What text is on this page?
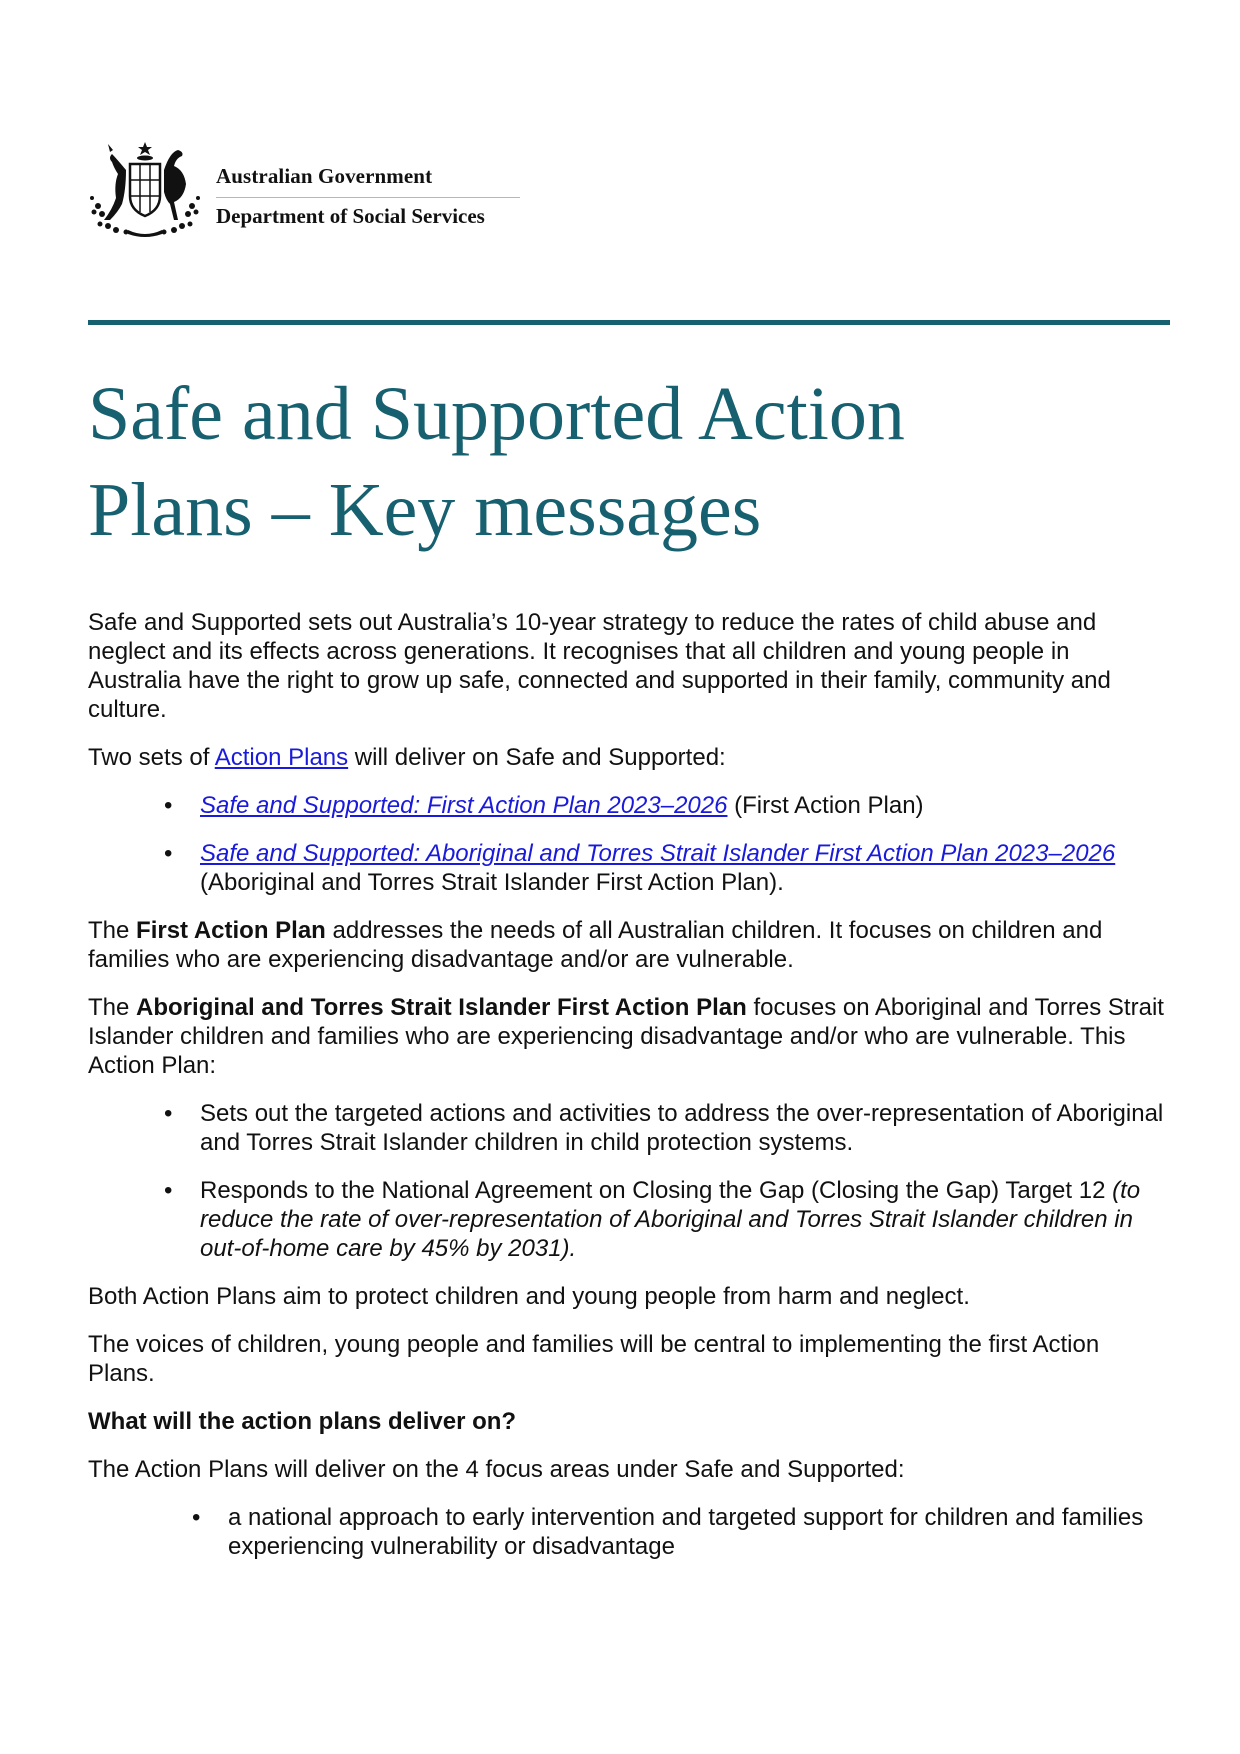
Australian Government
Department of Social Services
Safe and Supported Action
Plans – Key messages

Safe and Supported sets out Australia’s 10-year strategy to reduce the rates of child abuse and neglect and its effects across generations. It recognises that all children and young people in Australia have the right to grow up safe, connected and supported in their family, community and culture.

Two sets of Action Plans will deliver on Safe and Supported:

• Safe and Supported: First Action Plan 2023–2026 (First Action Plan)
• Safe and Supported: Aboriginal and Torres Strait Islander First Action Plan 2023–2026 (Aboriginal and Torres Strait Islander First Action Plan).

The First Action Plan addresses the needs of all Australian children. It focuses on children and families who are experiencing disadvantage and/or are vulnerable.

The Aboriginal and Torres Strait Islander First Action Plan focuses on Aboriginal and Torres Strait Islander children and families who are experiencing disadvantage and/or who are vulnerable. This Action Plan:

• Sets out the targeted actions and activities to address the over-representation of Aboriginal and Torres Strait Islander children in child protection systems.
• Responds to the National Agreement on Closing the Gap (Closing the Gap) Target 12 (to reduce the rate of over-representation of Aboriginal and Torres Strait Islander children in out-of-home care by 45% by 2031).

Both Action Plans aim to protect children and young people from harm and neglect.

The voices of children, young people and families will be central to implementing the first Action Plans.

What will the action plans deliver on?

The Action Plans will deliver on the 4 focus areas under Safe and Supported:

• a national approach to early intervention and targeted support for children and families experiencing vulnerability or disadvantage
